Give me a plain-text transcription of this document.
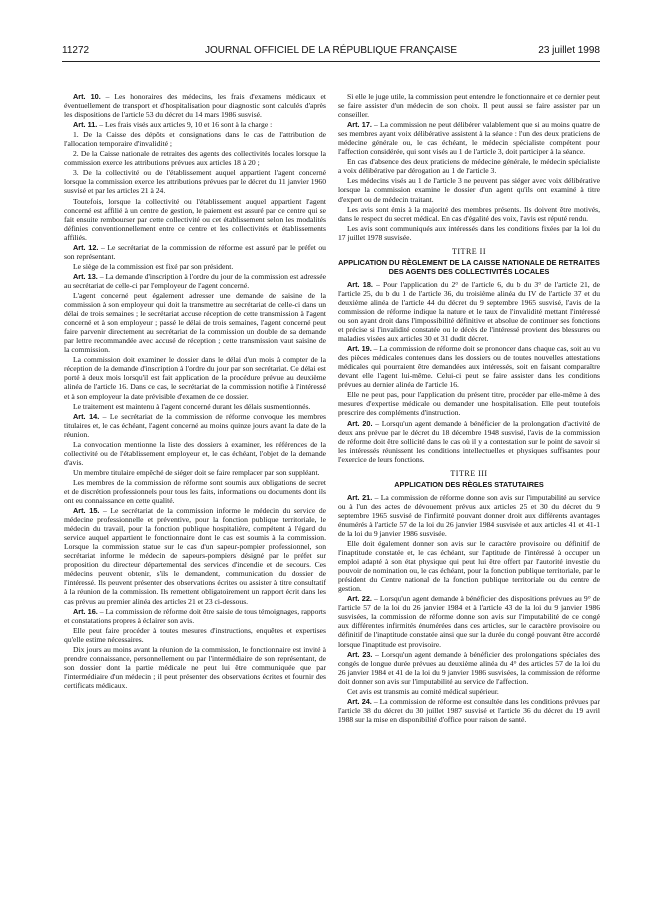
11272	JOURNAL OFFICIEL DE LA RÉPUBLIQUE FRANÇAISE	23 juillet 1998

Art. 10. – Les honoraires des médecins, les frais d'examens médicaux et éventuellement de transport et d'hospitalisation pour diagnostic sont calculés d'après les dispositions de l'article 53 du décret du 14 mars 1986 susvisé.

Art. 11. – Les frais visés aux articles 9, 10 et 16 sont à la charge :

1. De la Caisse des dépôts et consignations dans le cas de l'attribution de l'allocation temporaire d'invalidité ;

2. De la Caisse nationale de retraites des agents des collectivités locales lorsque la commission exerce les attributions prévues aux articles 18 à 20 ;

3. De la collectivité ou de l'établissement auquel appartient l'agent concerné lorsque la commission exerce les attributions prévues par le décret du 11 janvier 1960 susvisé et par les articles 21 à 24.

Toutefois, lorsque la collectivité ou l'établissement auquel appartient l'agent concerné est affilié à un centre de gestion, le paiement est assuré par ce centre qui se fait ensuite rembourser par cette collectivité ou cet établissement selon les modalités définies conventionnellement entre ce centre et les collectivités et établissements affiliés.

Art. 12. – Le secrétariat de la commission de réforme est assuré par le préfet ou son représentant.

Le siège de la commission est fixé par son président.

Art. 13. – La demande d'inscription à l'ordre du jour de la commission est adressée au secrétariat de celle-ci par l'employeur de l'agent concerné.

L'agent concerné peut également adresser une demande de saisine de la commission à son employeur qui doit la transmettre au secrétariat de celle-ci dans un délai de trois semaines ; le secrétariat accuse réception de cette transmission à l'agent concerné et à son employeur ; passé le délai de trois semaines, l'agent concerné peut faire parvenir directement au secrétariat de la commission un double de sa demande par lettre recommandée avec accusé de réception ; cette transmission vaut saisine de la commission.

La commission doit examiner le dossier dans le délai d'un mois à compter de la réception de la demande d'inscription à l'ordre du jour par son secrétariat. Ce délai est porté à deux mois lorsqu'il est fait application de la procédure prévue au deuxième alinéa de l'article 16. Dans ce cas, le secrétariat de la commission notifie à l'intéressé et à son employeur la date prévisible d'examen de ce dossier.

Le traitement est maintenu à l'agent concerné durant les délais susmentionnés.

Art. 14. – Le secrétariat de la commission de réforme convoque les membres titulaires et, le cas échéant, l'agent concerné au moins quinze jours avant la date de la réunion.

La convocation mentionne la liste des dossiers à examiner, les références de la collectivité ou de l'établissement employeur et, le cas échéant, l'objet de la demande d'avis.

Un membre titulaire empêché de siéger doit se faire remplacer par son suppléant.

Les membres de la commission de réforme sont soumis aux obligations de secret et de discrétion professionnels pour tous les faits, informations ou documents dont ils ont eu connaissance en cette qualité.

Art. 15. – Le secrétariat de la commission informe le médecin du service de médecine professionnelle et préventive, pour la fonction publique territoriale, le médecin du travail, pour la fonction publique hospitalière, compétent à l'égard du service auquel appartient le fonctionnaire dont le cas est soumis à la commission. Lorsque la commission statue sur le cas d'un sapeur-pompier professionnel, son secrétariat informe le médecin de sapeurs-pompiers désigné par le préfet sur proposition du directeur départemental des services d'incendie et de secours. Ces médecins peuvent obtenir, s'ils le demandent, communication du dossier de l'intéressé. Ils peuvent présenter des observations écrites ou assister à titre consultatif à la réunion de la commission. Ils remettent obligatoirement un rapport écrit dans les cas prévus au premier alinéa des articles 21 et 23 ci-dessous.

Art. 16. – La commission de réforme doit être saisie de tous témoignages, rapports et constatations propres à éclairer son avis.

Elle peut faire procéder à toutes mesures d'instructions, enquêtes et expertises qu'elle estime nécessaires.

Dix jours au moins avant la réunion de la commission, le fonctionnaire est invité à prendre connaissance, personnellement ou par l'intermédiaire de son représentant, de son dossier dont la partie médicale ne peut lui être communiquée que par l'intermédiaire d'un médecin ; il peut présenter des observations écrites et fournir des certificats médicaux.

Si elle le juge utile, la commission peut entendre le fonctionnaire et ce dernier peut se faire assister d'un médecin de son choix. Il peut aussi se faire assister par un conseiller.

Art. 17. – La commission ne peut délibérer valablement que si au moins quatre de ses membres ayant voix délibérative assistent à la séance : l'un des deux praticiens de médecine générale ou, le cas échéant, le médecin spécialiste compétent pour l'affection considérée, qui sont visés au 1 de l'article 3, doit participer à la séance.

En cas d'absence des deux praticiens de médecine générale, le médecin spécialiste a voix délibérative par dérogation au 1 de l'article 3.

Les médecins visés au 1 de l'article 3 ne peuvent pas siéger avec voix délibérative lorsque la commission examine le dossier d'un agent qu'ils ont examiné à titre d'expert ou de médecin traitant.

Les avis sont émis à la majorité des membres présents. Ils doivent être motivés, dans le respect du secret médical. En cas d'égalité des voix, l'avis est réputé rendu.

Les avis sont communiqués aux intéressés dans les conditions fixées par la loi du 17 juillet 1978 susvisée.

TITRE II
APPLICATION DU RÈGLEMENT DE LA CAISSE NATIONALE DE RETRAITES DES AGENTS DES COLLECTIVITÉS LOCALES

Art. 18. – Pour l'application du 2° de l'article 6, du b du 3° de l'article 21, de l'article 25, du b du 1 de l'article 36, du troisième alinéa du IV de l'article 37 et du deuxième alinéa de l'article 44 du décret du 9 septembre 1965 susvisé, l'avis de la commission de réforme indique la nature et le taux de l'invalidité mettant l'intéressé ou son ayant droit dans l'impossibilité définitive et absolue de continuer ses fonctions et précise si l'invalidité constatée ou le décès de l'intéressé provient des blessures ou maladies visées aux articles 30 et 31 dudit décret.

Art. 19. – La commission de réforme doit se prononcer dans chaque cas, soit au vu des pièces médicales contenues dans les dossiers ou de toutes nouvelles attestations médicales qui pourraient être demandées aux intéressés, soit en faisant comparaître devant elle l'agent lui-même. Celui-ci peut se faire assister dans les conditions prévues au dernier alinéa de l'article 16.

Elle ne peut pas, pour l'application du présent titre, procéder par elle-même à des mesures d'expertise médicale ou demander une hospitalisation. Elle peut toutefois prescrire des compléments d'instruction.

Art. 20. – Lorsqu'un agent demande à bénéficier de la prolongation d'activité de deux ans prévue par le décret du 18 décembre 1948 susvisé, l'avis de la commission de réforme doit être sollicité dans le cas où il y a contestation sur le point de savoir si les intéressés réunissent les conditions intellectuelles et physiques suffisantes pour l'exercice de leurs fonctions.

TITRE III
APPLICATION DES RÈGLES STATUTAIRES

Art. 21. – La commission de réforme donne son avis sur l'imputabilité au service ou à l'un des actes de dévouement prévus aux articles 25 et 30 du décret du 9 septembre 1965 susvisé de l'infirmité pouvant donner droit aux différents avantages énumérés à l'article 57 de la loi du 26 janvier 1984 susvisée et aux articles 41 et 41-1 de la loi du 9 janvier 1986 susvisée.

Elle doit également donner son avis sur le caractère provisoire ou définitif de l'inaptitude constatée et, le cas échéant, sur l'aptitude de l'intéressé à occuper un emploi adapté à son état physique qui peut lui être offert par l'autorité investie du pouvoir de nomination ou, le cas échéant, pour la fonction publique territoriale, par le président du Centre national de la fonction publique territoriale ou du centre de gestion.

Art. 22. – Lorsqu'un agent demande à bénéficier des dispositions prévues au 9° de l'article 57 de la loi du 26 janvier 1984 et à l'article 43 de la loi du 9 janvier 1986 susvisées, la commission de réforme donne son avis sur l'imputabilité de ce congé aux différentes infirmités énumérées dans ces articles, sur le caractère provisoire ou définitif de l'inaptitude constatée ainsi que sur la durée du congé pouvant être accordé lorsque l'inaptitude est provisoire.

Art. 23. – Lorsqu'un agent demande à bénéficier des prolongations spéciales des congés de longue durée prévues au deuxième alinéa du 4° des articles 57 de la loi du 26 janvier 1984 et 41 de la loi du 9 janvier 1986 susvisées, la commission de réforme doit donner son avis sur l'imputabilité au service de l'affection.

Cet avis est transmis au comité médical supérieur.

Art. 24. – La commission de réforme est consultée dans les conditions prévues par l'article 38 du décret du 30 juillet 1987 susvisé et l'article 36 du décret du 19 avril 1988 sur la mise en disponibilité d'office pour raison de santé.
